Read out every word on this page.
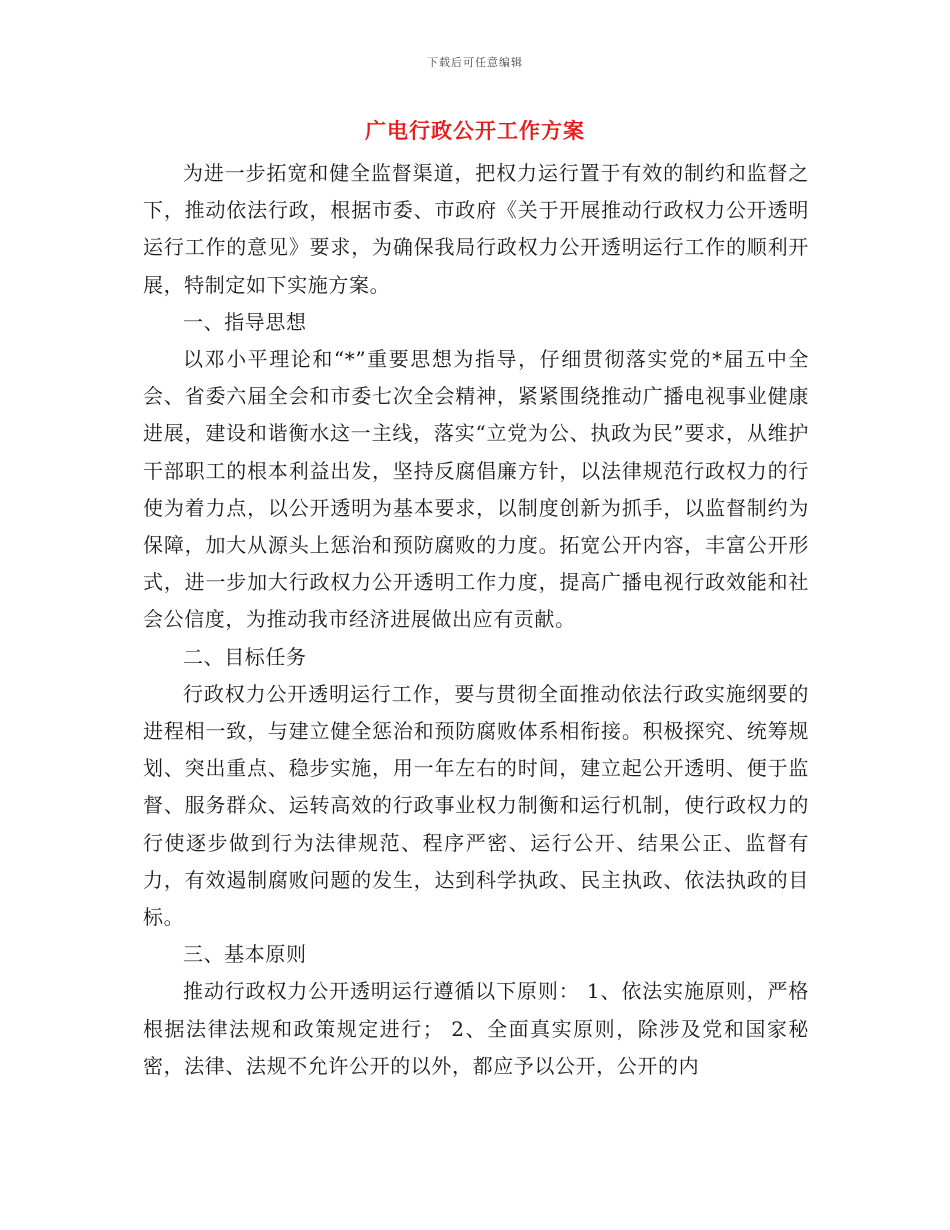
下载后可任意编辑
广电行政公开工作方案

为进一步拓宽和健全监督渠道，把权力运行置于有效的制约和监督之下，推动依法行政，根据市委、市政府《关于开展推动行政权力公开透明运行工作的意见》要求，为确保我局行政权力公开透明运行工作的顺利开展，特制定如下实施方案。

一、指导思想

以邓小平理论和“*”重要思想为指导，仔细贯彻落实党的*届五中全会、省委六届全会和市委七次全会精神，紧紧围绕推动广播电视事业健康进展，建设和谐衡水这一主线，落实“立党为公、执政为民”要求，从维护干部职工的根本利益出发，坚持反腐倡廉方针，以法律规范行政权力的行使为着力点，以公开透明为基本要求，以制度创新为抓手，以监督制约为保障，加大从源头上惩治和预防腐败的力度。拓宽公开内容，丰富公开形式，进一步加大行政权力公开透明工作力度，提高广播电视行政效能和社会公信度，为推动我市经济进展做出应有贡献。

二、目标任务

行政权力公开透明运行工作，要与贯彻全面推动依法行政实施纲要的进程相一致，与建立健全惩治和预防腐败体系相衔接。积极探究、统筹规划、突出重点、稳步实施，用一年左右的时间，建立起公开透明、便于监督、服务群众、运转高效的行政事业权力制衡和运行机制，使行政权力的行使逐步做到行为法律规范、程序严密、运行公开、结果公正、监督有力，有效遏制腐败问题的发生，达到科学执政、民主执政、依法执政的目标。

三、基本原则

推动行政权力公开透明运行遵循以下原则： 1、依法实施原则，严格根据法律法规和政策规定进行； 2、全面真实原则，除涉及党和国家秘密，法律、法规不允许公开的以外，都应予以公开，公开的内
